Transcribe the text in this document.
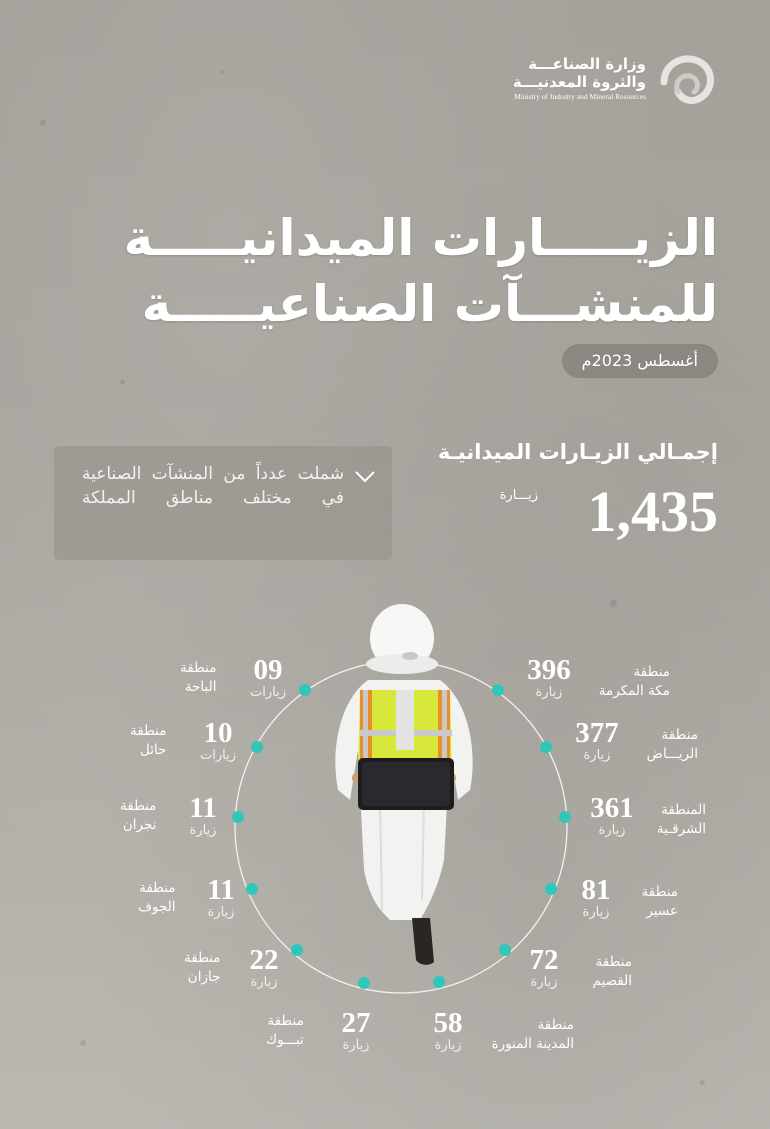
وزارة الصناعـــة
والثروة المعدنيـــة
Ministry of Industry and Mineral Resources
الزيـــــارات الميدانيـــــة
للمنشـــآت الصناعيـــــة
أغسطس 2023م
إجمـالي الزيـارات الميدانيـة
1,435
زيـــارة
شملت عدداً من المنشآت الصناعية في مختلف مناطق المملكة
منطقة
مكة المكرمة
396
زيارة
منطقة
الريـــاض
377
زيارة
المنطقة
الشرقـية
361
زيارة
منطقة
عسير
81
زيارة
منطقة
القصيم
72
زيارة
منطقة
المدينة المنورة
58
زيارة
منطقة
الباحة
09
زيارات
منطقة
حائل
10
زيارات
منطقة
نجران
11
زيارة
منطقة
الجوف
11
زيارة
منطقة
جازان
22
زيارة
منطقة
تبـــوك
27
زيارة
